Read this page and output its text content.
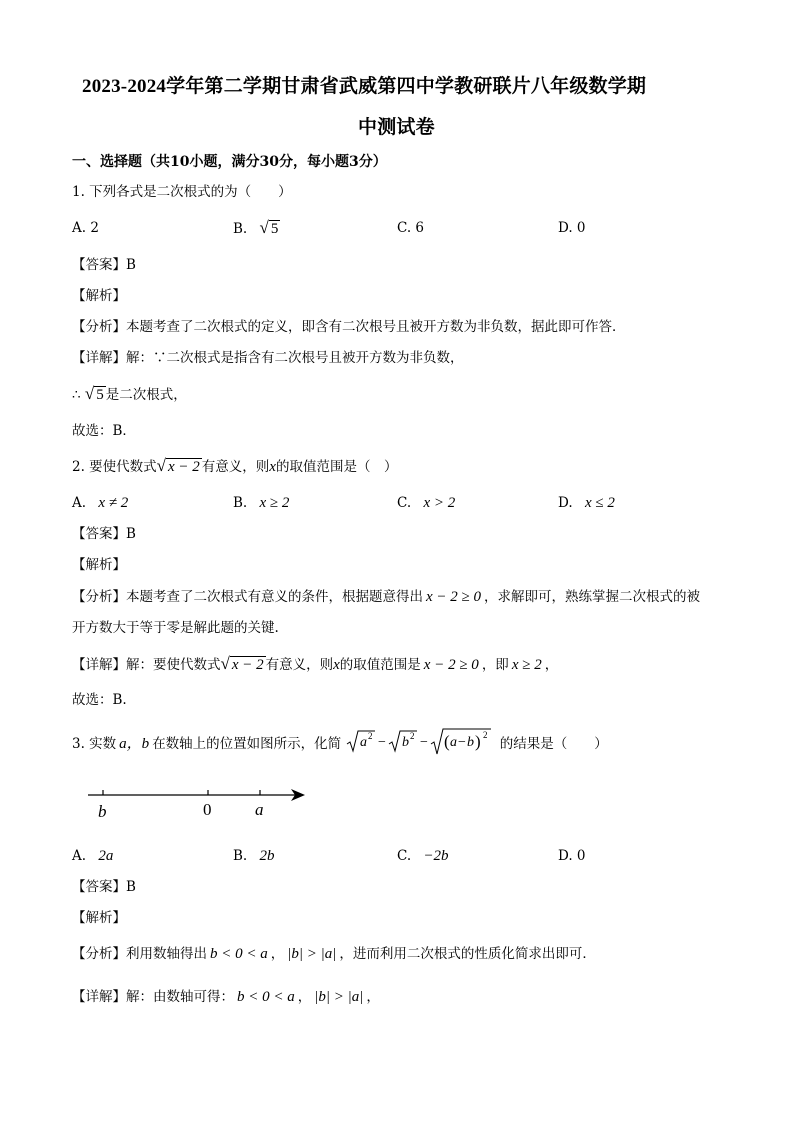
2023-2024学年第二学期甘肃省武威第四中学教研联片八年级数学期
中测试卷
一、选择题（共10小题，满分30分，每小题3分）
1. 下列各式是二次根式的为（　　）
A. 2	B. √ 5	C. 6	D. 0
【答案】B
【解析】
【分析】本题考查了二次根式的定义，即含有二次根号且被开方数为非负数，据此即可作答．
【详解】解：∵二次根式是指含有二次根号且被开方数为非负数，
∴ √ 5 是二次根式，
故选：B．
2. 要使代数式√ x − 2 有意义，则x的取值范围是（　）
A. x ≠ 2	B. x ≥ 2	C. x > 2	D. x ≤ 2
【答案】B
【解析】
【分析】本题考查了二次根式有意义的条件，根据题意得出 x − 2 ≥ 0 ，求解即可，熟练掌握二次根式的被
开方数大于等于零是解此题的关键.
【详解】解：要使代数式√ x − 2 有意义，则x的取值范围是 x − 2 ≥ 0 ，即 x ≥ 2 ，
故选：B.
3. 实数 a，b 在数轴上的位置如图所示，化简 a 2 − b 2 − ( a − b ) 2
的结果是（　　）
b	0	a
A. 2a	B. 2b	C. −2b	D. 0
【答案】B
【解析】
【分析】利用数轴得出 b < 0 < a ， |b| > |a| ，进而利用二次根式的性质化简求出即可．
【详解】解：由数轴可得： b < 0 < a ， |b| > |a| ，
